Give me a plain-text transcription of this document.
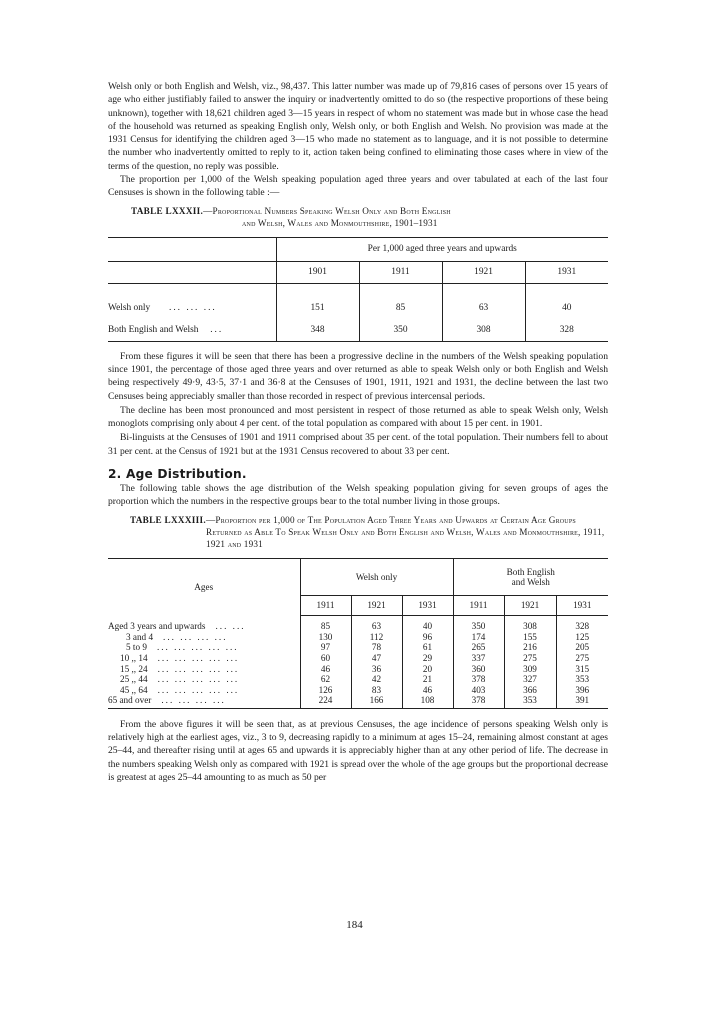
Welsh only or both English and Welsh, viz., 98,437. This latter number was made up of 79,816 cases of persons over 15 years of age who either justifiably failed to answer the inquiry or inadvertently omitted to do so (the respective proportions of these being unknown), together with 18,621 children aged 3—15 years in respect of whom no statement was made but in whose case the head of the household was returned as speaking English only, Welsh only, or both English and Welsh. No provision was made at the 1931 Census for identifying the children aged 3—15 who made no statement as to language, and it is not possible to determine the number who inadvertently omitted to reply to it, action taken being confined to eliminating those cases where in view of the terms of the question, no reply was possible.

The proportion per 1,000 of the Welsh speaking population aged three years and over tabulated at each of the last four Censuses is shown in the following table :—

TABLE LXXXII.—Proportional Numbers Speaking Welsh Only and Both English
and Welsh, Wales and Monmouthshire, 1901–1931
	Per 1,000 aged three years and upwards			
	1901	1911	1921	1931

Welsh only ... ... ...	151	85	63	40
Both English and Welsh ...	348	350	308	328

From these figures it will be seen that there has been a progressive decline in the numbers of the Welsh speaking population since 1901, the percentage of those aged three years and over returned as able to speak Welsh only or both English and Welsh being respectively 49·9, 43·5, 37·1 and 36·8 at the Censuses of 1901, 1911, 1921 and 1931, the decline between the last two Censuses being appreciably smaller than those recorded in respect of previous intercensal periods.

The decline has been most pronounced and most persistent in respect of those returned as able to speak Welsh only, Welsh monoglots comprising only about 4 per cent. of the total population as compared with about 15 per cent. in 1901.

Bi-linguists at the Censuses of 1901 and 1911 comprised about 35 per cent. of the total population. Their numbers fell to about 31 per cent. at the Census of 1921 but at the 1931 Census recovered to about 33 per cent.

2. Age Distribution.

The following table shows the age distribution of the Welsh speaking population giving for seven groups of ages the proportion which the numbers in the respective groups bear to the total number living in those groups.

TABLE LXXXIII. —Proportion per 1,000 of The Population Aged Three Years and Upwards at Certain Age Groups Returned as Able To Speak Welsh Only and Both English and Welsh, Wales and Monmouthshire, 1911, 1921 and 1931
Ages	Welsh only			Both English
and Welsh		
	1911	1921	1931	1911	1921	1931

Aged 3 years and upwards ... ...	85	63	40	350	308	328
3 and 4 ... ... ... ...	130	112	96	174	155	125
5 to 9 ... ... ... ... ...	97	78	61	265	216	205
10 ,, 14 ... ... ... ... ...	60	47	29	337	275	275
15 ,, 24 ... ... ... ... ...	46	36	20	360	309	315
25 ,, 44 ... ... ... ... ...	62	42	21	378	327	353
45 ,, 64 ... ... ... ... ...	126	83	46	403	366	396
65 and over ... ... ... ...	224	166	108	378	353	391

From the above figures it will be seen that, as at previous Censuses, the age incidence of persons speaking Welsh only is relatively high at the earliest ages, viz., 3 to 9, decreasing rapidly to a minimum at ages 15–24, remaining almost constant at ages 25–44, and thereafter rising until at ages 65 and upwards it is appreciably higher than at any other period of life. The decrease in the numbers speaking Welsh only as compared with 1921 is spread over the whole of the age groups but the proportional decrease is greatest at ages 25–44 amounting to as much as 50 per

184
